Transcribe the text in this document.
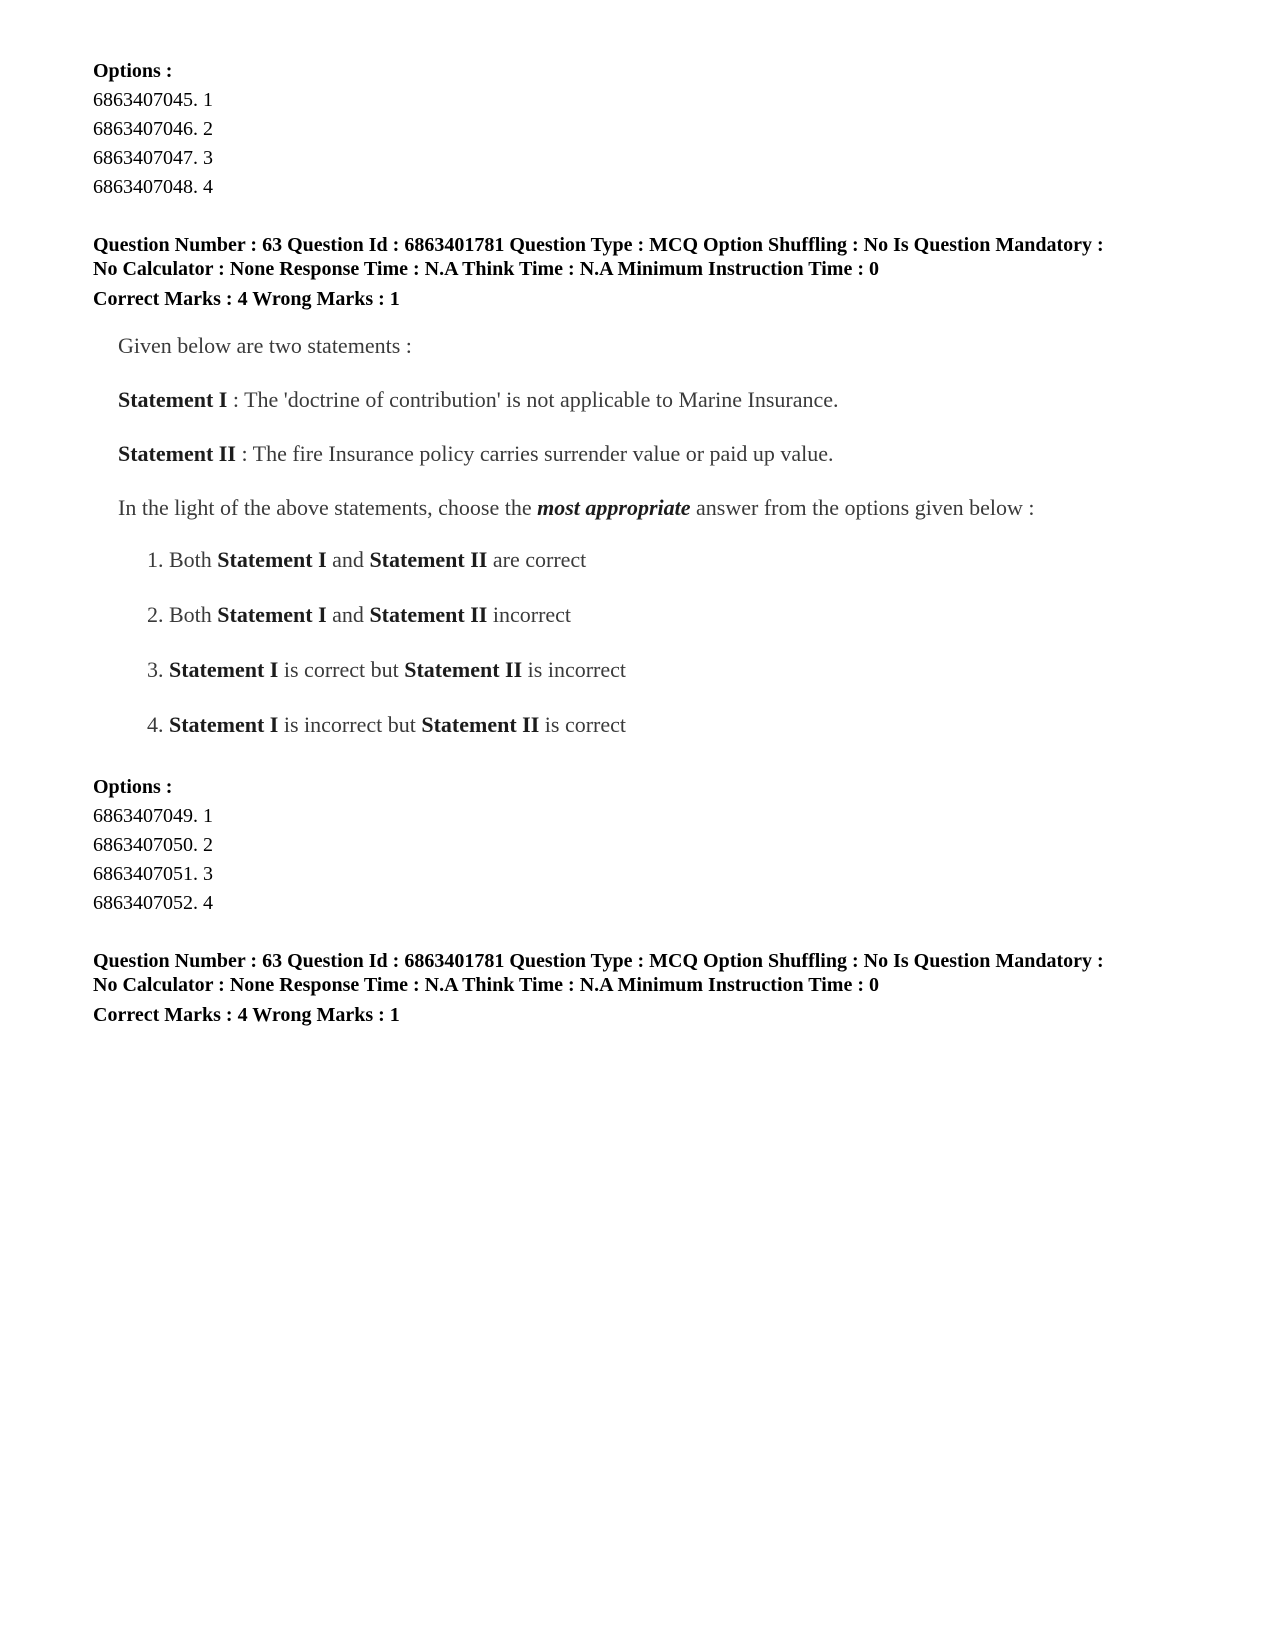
Options :
6863407045. 1
6863407046. 2
6863407047. 3
6863407048. 4
Question Number : 63 Question Id : 6863401781 Question Type : MCQ Option Shuffling : No Is Question Mandatory :
No Calculator : None Response Time : N.A Think Time : N.A Minimum Instruction Time : 0
Correct Marks : 4 Wrong Marks : 1

Given below are two statements :

Statement I : The 'doctrine of contribution' is not applicable to Marine Insurance.

Statement II : The fire Insurance policy carries surrender value or paid up value.

In the light of the above statements, choose the most appropriate answer from the options given below :

1. Both Statement I and Statement II are correct
2. Both Statement I and Statement II incorrect
3. Statement I is correct but Statement II is incorrect
4. Statement I is incorrect but Statement II is correct
Options :
6863407049. 1
6863407050. 2
6863407051. 3
6863407052. 4
Question Number : 63 Question Id : 6863401781 Question Type : MCQ Option Shuffling : No Is Question Mandatory :
No Calculator : None Response Time : N.A Think Time : N.A Minimum Instruction Time : 0
Correct Marks : 4 Wrong Marks : 1
